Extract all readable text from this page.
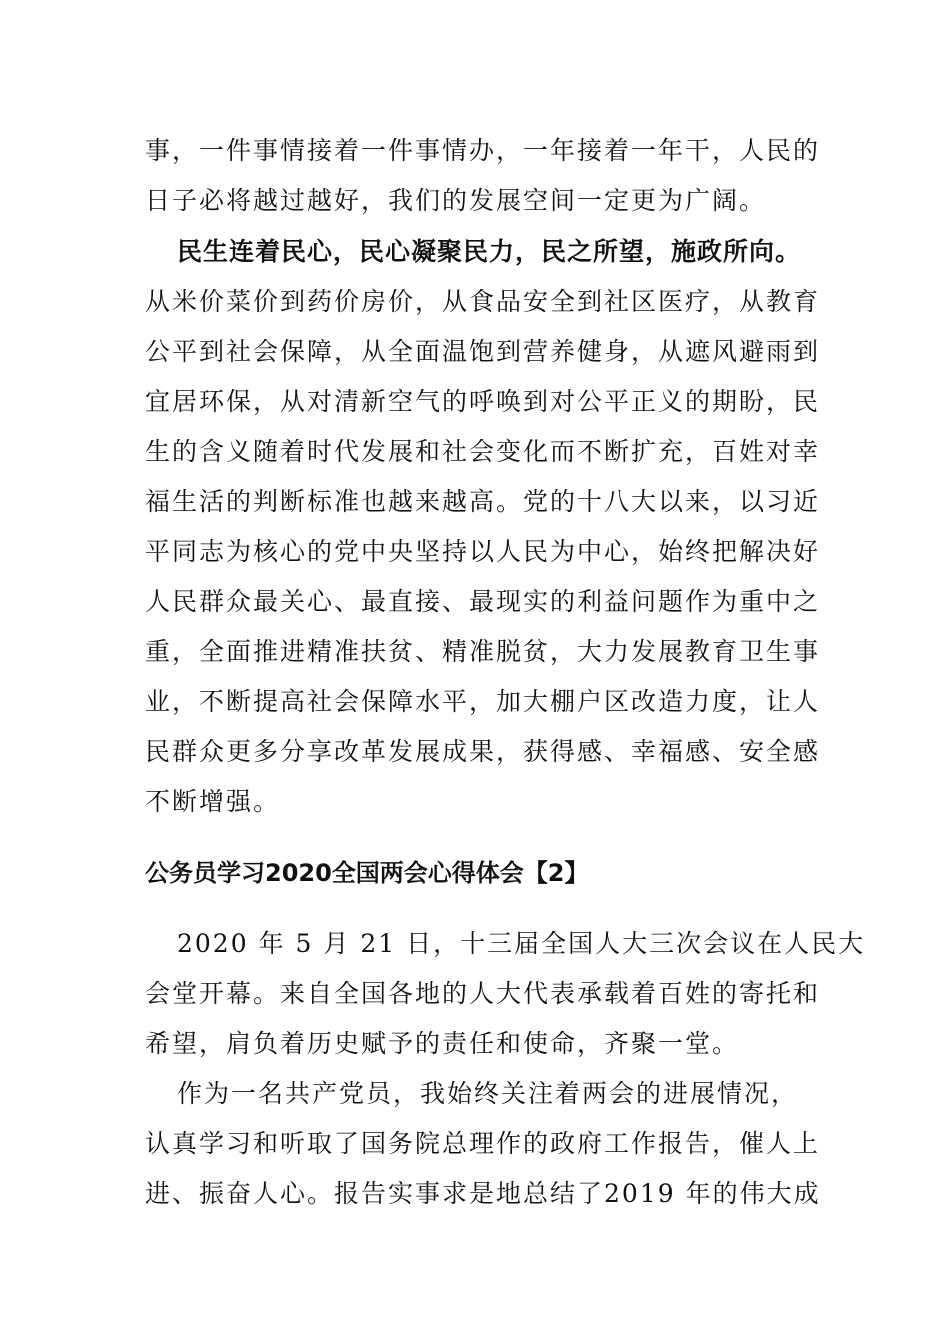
事，一件事情接着一件事情办，一年接着一年干，人民的
日子必将越过越好，我们的发展空间一定更为广阔。
民生连着民心，民心凝聚民力，民之所望，施政所向。
从米价菜价到药价房价，从食品安全到社区医疗，从教育
公平到社会保障，从全面温饱到营养健身，从遮风避雨到
宜居环保，从对清新空气的呼唤到对公平正义的期盼，民
生的含义随着时代发展和社会变化而不断扩充，百姓对幸
福生活的判断标准也越来越高。党的十八大以来，以习近
平同志为核心的党中央坚持以人民为中心，始终把解决好
人民群众最关心、最直接、最现实的利益问题作为重中之
重，全面推进精准扶贫、精准脱贫，大力发展教育卫生事
业，不断提高社会保障水平，加大棚户区改造力度，让人
民群众更多分享改革发展成果，获得感、幸福感、安全感
不断增强。
公务员学习2020全国两会心得体会【2】
2020 年 5 月 21 日，十三届全国人大三次会议在人民大
会堂开幕。来自全国各地的人大代表承载着百姓的寄托和
希望，肩负着历史赋予的责任和使命，齐聚一堂。
作为一名共产党员，我始终关注着两会的进展情况，
认真学习和听取了国务院总理作的政府工作报告，催人上
进、振奋人心。报告实事求是地总结了2019 年的伟大成
